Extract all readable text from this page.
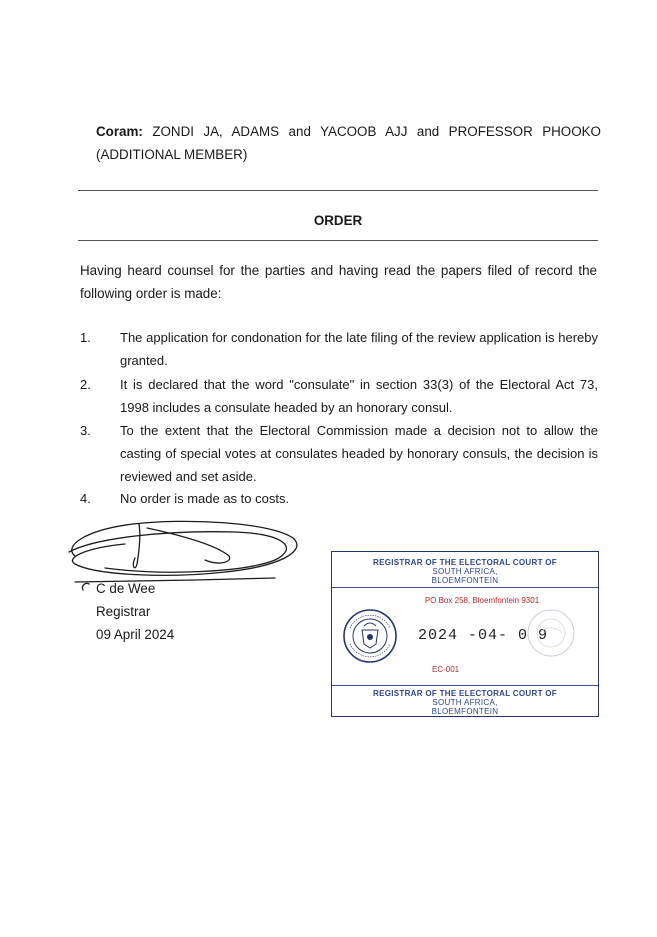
Coram: ZONDI JA, ADAMS and YACOOB AJJ and PROFESSOR PHOOKO (ADDITIONAL MEMBER)
ORDER
Having heard counsel for the parties and having read the papers filed of record the following order is made:
1. The application for condonation for the late filing of the review application is hereby granted.
2. It is declared that the word "consulate" in section 33(3) of the Electoral Act 73, 1998 includes a consulate headed by an honorary consul.
3. To the extent that the Electoral Commission made a decision not to allow the casting of special votes at consulates headed by honorary consuls, the decision is reviewed and set aside.
4. No order is made as to costs.
C de Wee
Registrar
09 April 2024
REGISTRAR OF THE ELECTORAL COURT OF
SOUTH AFRICA,
BLOEMFONTEIN
PO Box 258, Bloemfontein 9301
2024 -04- 0 9
EC-001
REGISTRAR OF THE ELECTORAL COURT OF
SOUTH AFRICA,
BLOEMFONTEIN
